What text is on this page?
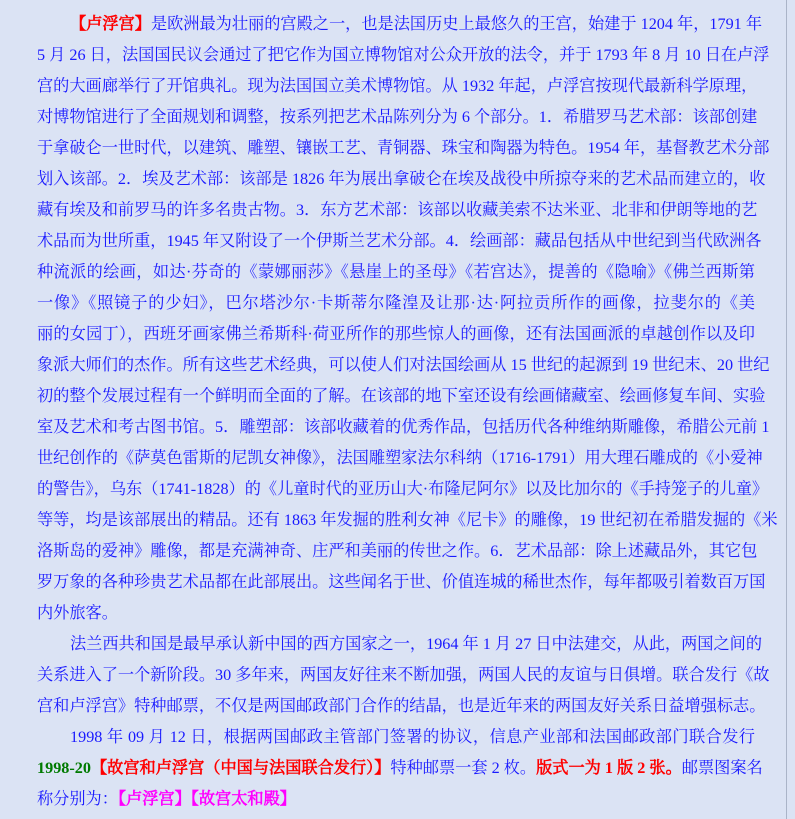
【卢浮宫】是欧洲最为壮丽的宫殿之一，也是法国历史上最悠久的王宫，始建于 1204 年，1791 年
5 月 26 日，法国国民议会通过了把它作为国立博物馆对公众开放的法令，并于 1793 年 8 月 10 日在卢浮
宫的大画廊举行了开馆典礼。现为法国国立美术博物馆。从 1932 年起，卢浮宫按现代最新科学原理，
对博物馆进行了全面规划和调整，按系列把艺术品陈列分为 6 个部分。1．希腊罗马艺术部：该部创建
于拿破仑一世时代，以建筑、雕塑、镶嵌工艺、青铜器、珠宝和陶器为特色。1954 年，基督教艺术分部
划入该部。2．埃及艺术部：该部是 1826 年为展出拿破仑在埃及战役中所掠夺来的艺术品而建立的，收
藏有埃及和前罗马的许多名贵古物。3．东方艺术部：该部以收藏美索不达米亚、北非和伊朗等地的艺
术品而为世所重，1945 年又附设了一个伊斯兰艺术分部。4．绘画部：藏品包括从中世纪到当代欧洲各
种流派的绘画，如达·芬奇的《蒙娜丽莎》《悬崖上的圣母》《若宫达》，提善的《隐喻》《佛兰西斯第
一像》《照镜子的少妇》，巴尔塔沙尔·卡斯蒂尔隆湟及让那·达·阿拉贡所作的画像，拉斐尔的《美
丽的女园丁），西班牙画家佛兰希斯科·荷亚所作的那些惊人的画像，还有法国画派的卓越创作以及印
象派大师们的杰作。所有这些艺术经典，可以使人们对法国绘画从 15 世纪的起源到 19 世纪末、20 世纪
初的整个发展过程有一个鲜明而全面的了解。在该部的地下室还设有绘画储藏室、绘画修复车间、实验
室及艺术和考古图书馆。5．雕塑部：该部收藏着的优秀作品，包括历代各种维纳斯雕像，希腊公元前 1
世纪创作的《萨莫色雷斯的尼凯女神像》，法国雕塑家法尔科纳（1716-1791）用大理石雕成的《小爱神
的警告》，乌东（1741-1828）的《儿童时代的亚历山大·布隆尼阿尔》以及比加尔的《手持笼子的儿童》
等等，均是该部展出的精品。还有 1863 年发掘的胜利女神《尼卡》的雕像，19 世纪初在希腊发掘的《米
洛斯岛的爱神》雕像，都是充满神奇、庄严和美丽的传世之作。6．艺术品部：除上述藏品外，其它包
罗万象的各种珍贵艺术品都在此部展出。这些闻名于世、价值连城的稀世杰作，每年都吸引着数百万国
内外旅客。
法兰西共和国是最早承认新中国的西方国家之一，1964 年 1 月 27 日中法建交，从此，两国之间的
关系进入了一个新阶段。30 多年来，两国友好往来不断加强，两国人民的友谊与日俱增。联合发行《故
宫和卢浮宫》特种邮票，不仅是两国邮政部门合作的结晶，也是近年来的两国友好关系日益增强标志。
1998 年 09 月 12 日，根据两国邮政主管部门签署的协议，信息产业部和法国邮政部门联合发行
1998-20【故宫和卢浮宫（中国与法国联合发行）】特种邮票一套 2 枚。版式一为 1 版 2 张。邮票图案名
称分别为：【卢浮宫】【故宫太和殿】
